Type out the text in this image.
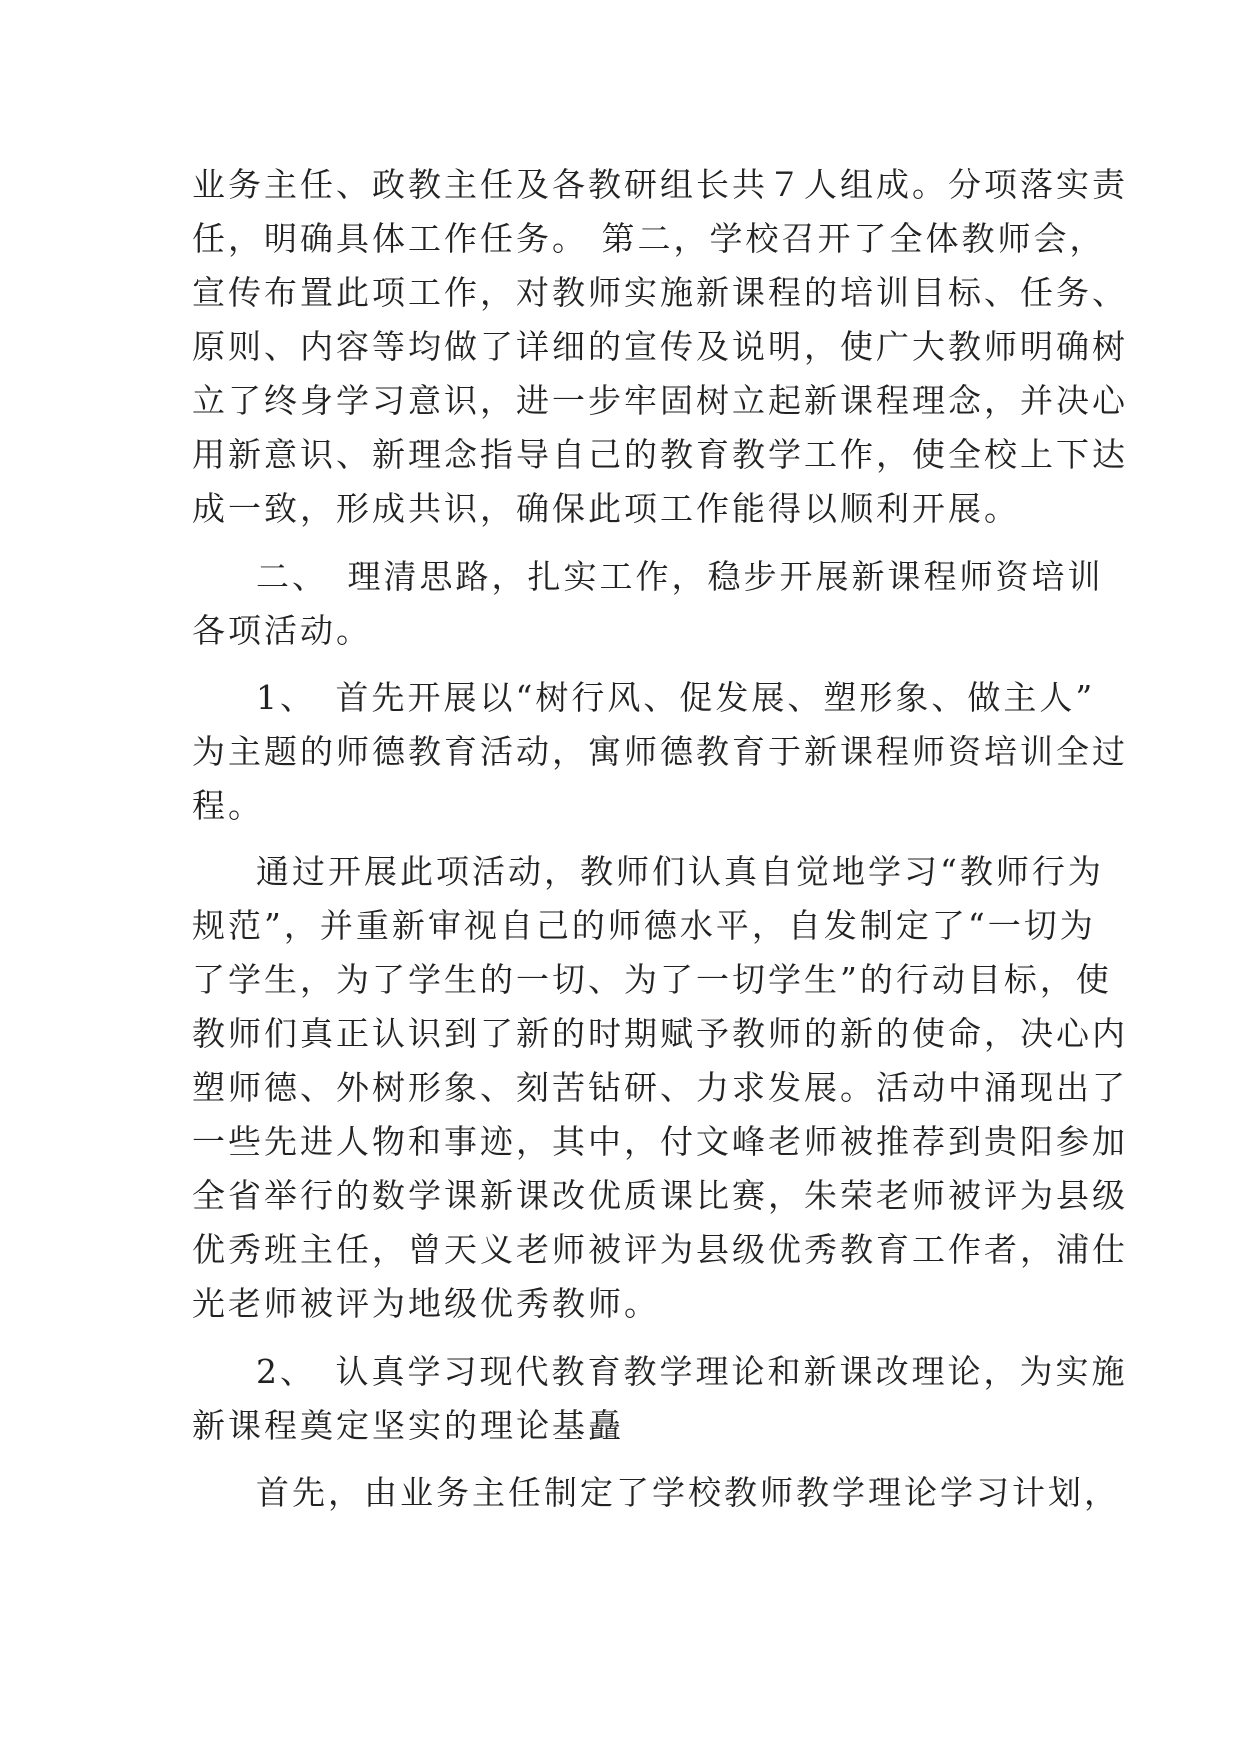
业务主任、政教主任及各教研组长共７人组成。分项落实责
任，明确具体工作任务。 第二，学校召开了全体教师会，
宣传布置此项工作，对教师实施新课程的培训目标、任务、
原则、内容等均做了详细的宣传及说明，使广大教师明确树
立了终身学习意识，进一步牢固树立起新课程理念，并决心
用新意识、新理念指导自己的教育教学工作，使全校上下达
成一致，形成共识，确保此项工作能得以顺利开展。
二、　理清思路，扎实工作，稳步开展新课程师资培训
各项活动。
1、　首先开展以“树行风、促发展、塑形象、做主人”
为主题的师德教育活动，寓师德教育于新课程师资培训全过
程。
通过开展此项活动，教师们认真自觉地学习“教师行为
规范”，并重新审视自己的师德水平，自发制定了“一切为
了学生，为了学生的一切、为了一切学生”的行动目标，使
教师们真正认识到了新的时期赋予教师的新的使命，决心内
塑师德、外树形象、刻苦钻研、力求发展。活动中涌现出了
一些先进人物和事迹，其中，付文峰老师被推荐到贵阳参加
全省举行的数学课新课改优质课比赛，朱荣老师被评为县级
优秀班主任，曾天义老师被评为县级优秀教育工作者，浦仕
光老师被评为地级优秀教师。
2、　认真学习现代教育教学理论和新课改理论，为实施
新课程奠定坚实的理论基矗
首先，由业务主任制定了学校教师教学理论学习计划，
